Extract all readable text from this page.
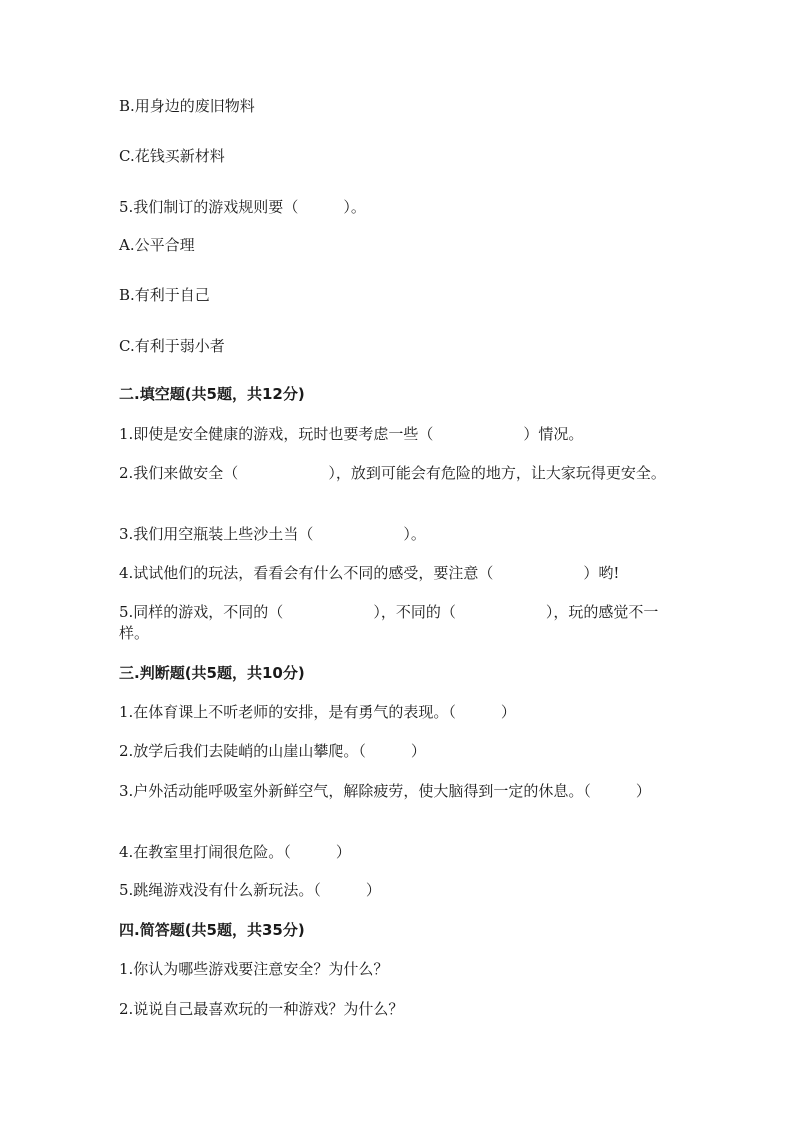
B.用身边的废旧物料
C.花钱买新材料
5.我们制订的游戏规则要（　　　）。
A.公平合理
B.有利于自己
C.有利于弱小者
二.填空题(共5题，共12分)
1.即使是安全健康的游戏，玩时也要考虑一些（　　　　　　）情况。
2.我们来做安全（　　　　　　），放到可能会有危险的地方，让大家玩得更安全。
3.我们用空瓶装上些沙土当（　　　　　　）。
4.试试他们的玩法，看看会有什么不同的感受，要注意（　　　　　　）哟!
5.同样的游戏，不同的（　　　　　　），不同的（　　　　　　），玩的感觉不一样。
三.判断题(共5题，共10分)
1.在体育课上不听老师的安排，是有勇气的表现。（　　　）
2.放学后我们去陡峭的山崖山攀爬。（　　　）
3.户外活动能呼吸室外新鲜空气，解除疲劳，使大脑得到一定的休息。（　　　）
4.在教室里打闹很危险。（　　　）
5.跳绳游戏没有什么新玩法。（　　　）
四.简答题(共5题，共35分)
1.你认为哪些游戏要注意安全？为什么？
2.说说自己最喜欢玩的一种游戏？为什么？
